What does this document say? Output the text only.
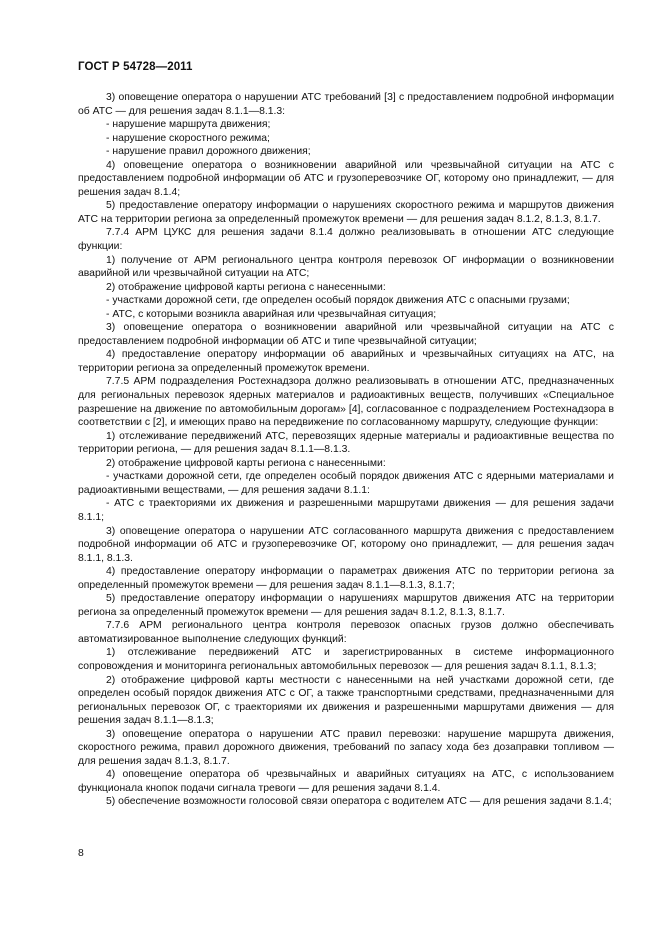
ГОСТ Р 54728—2011

3) оповещение оператора о нарушении АТС требований [3] с предоставлением подробной информации об АТС — для решения задач 8.1.1—8.1.3:

- нарушение маршрута движения;

- нарушение скоростного режима;

- нарушение правил дорожного движения;

4) оповещение оператора о возникновении аварийной или чрезвычайной ситуации на АТС с предоставлением подробной информации об АТС и грузоперевозчике ОГ, которому оно принадлежит, — для решения задач 8.1.4;

5) предоставление оператору информации о нарушениях скоростного режима и маршрутов движения АТС на территории региона за определенный промежуток времени — для решения задач 8.1.2, 8.1.3, 8.1.7.

7.7.4 АРМ ЦУКС для решения задачи 8.1.4 должно реализовывать в отношении АТС следующие функции:

1) получение от АРМ регионального центра контроля перевозок ОГ информации о возникновении аварийной или чрезвычайной ситуации на АТС;

2) отображение цифровой карты региона с нанесенными:

- участками дорожной сети, где определен особый порядок движения АТС с опасными грузами;

- АТС, с которыми возникла аварийная или чрезвычайная ситуация;

3) оповещение оператора о возникновении аварийной или чрезвычайной ситуации на АТС с предоставлением подробной информации об АТС и типе чрезвычайной ситуации;

4) предоставление оператору информации об аварийных и чрезвычайных ситуациях на АТС, на территории региона за определенный промежуток времени.

7.7.5 АРМ подразделения Ростехнадзора должно реализовывать в отношении АТС, предназначенных для региональных перевозок ядерных материалов и радиоактивных веществ, получивших «Специальное разрешение на движение по автомобильным дорогам» [4], согласованное с подразделением Ростехнадзора в соответствии с [2], и имеющих право на передвижение по согласованному маршруту, следующие функции:

1) отслеживание передвижений АТС, перевозящих ядерные материалы и радиоактивные вещества по территории региона, — для решения задач 8.1.1—8.1.3.

2) отображение цифровой карты региона с нанесенными:

- участками дорожной сети, где определен особый порядок движения АТС с ядерными материалами и радиоактивными веществами, — для решения задачи 8.1.1:

- АТС с траекториями их движения и разрешенными маршрутами движения — для решения задачи 8.1.1;

3) оповещение оператора о нарушении АТС согласованного маршрута движения с предоставлением подробной информации об АТС и грузоперевозчике ОГ, которому оно принадлежит, — для решения задач 8.1.1, 8.1.3.

4) предоставление оператору информации о параметрах движения АТС по территории региона за определенный промежуток времени — для решения задач 8.1.1—8.1.3, 8.1.7;

5) предоставление оператору информации о нарушениях маршрутов движения АТС на территории региона за определенный промежуток времени — для решения задач 8.1.2, 8.1.3, 8.1.7.

7.7.6 АРМ регионального центра контроля перевозок опасных грузов должно обеспечивать автоматизированное выполнение следующих функций:

1) отслеживание передвижений АТС и зарегистрированных в системе информационного сопровождения и мониторинга региональных автомобильных перевозок — для решения задач 8.1.1, 8.1.3;

2) отображение цифровой карты местности с нанесенными на ней участками дорожной сети, где определен особый порядок движения АТС с ОГ, а также транспортными средствами, предназначенными для региональных перевозок ОГ, с траекториями их движения и разрешенными маршрутами движения — для решения задач 8.1.1—8.1.3;

3) оповещение оператора о нарушении АТС правил перевозки: нарушение маршрута движения, скоростного режима, правил дорожного движения, требований по запасу хода без дозаправки топливом — для решения задач 8.1.3, 8.1.7.

4) оповещение оператора об чрезвычайных и аварийных ситуациях на АТС, с использованием функционала кнопок подачи сигнала тревоги — для решения задачи 8.1.4.

5) обеспечение возможности голосовой связи оператора с водителем АТС — для решения задачи 8.1.4;

8
